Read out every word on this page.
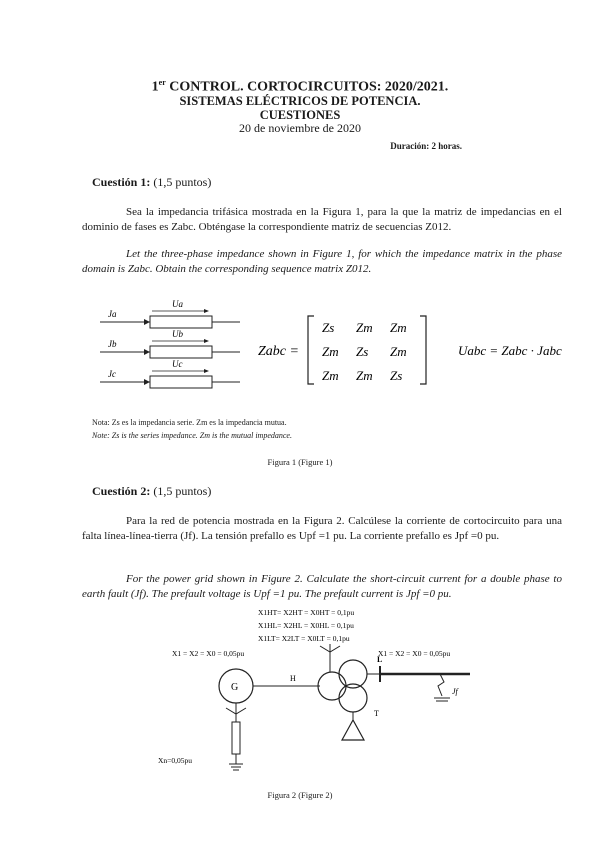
1er CONTROL. CORTOCIRCUITOS: 2020/2021.
SISTEMAS ELÉCTRICOS DE POTENCIA.
CUESTIONES
20 de noviembre de 2020
Duración: 2 horas.
Cuestión 1: (1,5 puntos)
Sea la impedancia trifásica mostrada en la Figura 1, para la que la matriz de impedancias en el dominio de fases es Zabc. Obténgase la correspondiente matriz de secuencias Z012.
Let the three-phase impedance shown in Figure 1, for which the impedance matrix in the phase domain is Zabc. Obtain the corresponding sequence matrix Z012.
Ja
Ua
Jb
Ub
Jc
Uc
Zabc =
Zs Zm Zm
Zm Zs Zm
Zm Zm Zs
Uabc = Zabc · Jabc
Nota: Zs es la impedancia serie. Zm es la impedancia mutua.
Note: Zs is the series impedance. Zm is the mutual impedance.
Figura 1 (Figure 1)
Cuestión 2: (1,5 puntos)
Para la red de potencia mostrada en la Figura 2. Calcúlese la corriente de cortocircuito para una falta línea-línea-tierra (Jf). La tensión prefallo es Upf =1 pu. La corriente prefallo es Jpf =0 pu.
For the power grid shown in Figure 2. Calculate the short-circuit current for a double phase to earth fault (Jf). The prefault voltage is Upf =1 pu. The prefault current is Jpf =0 pu.
X1HT= X2HT = X0HT = 0,1pu
X1HL= X2HL = X0HL = 0,1pu
X1LT= X2LT = X0LT = 0,1pu
X1 = X2 = X0 = 0,05pu	X1 = X2 = X0 = 0,05pu
Xn=0,05pu
G
H
L
Jf
T
Figura 2 (Figure 2)
